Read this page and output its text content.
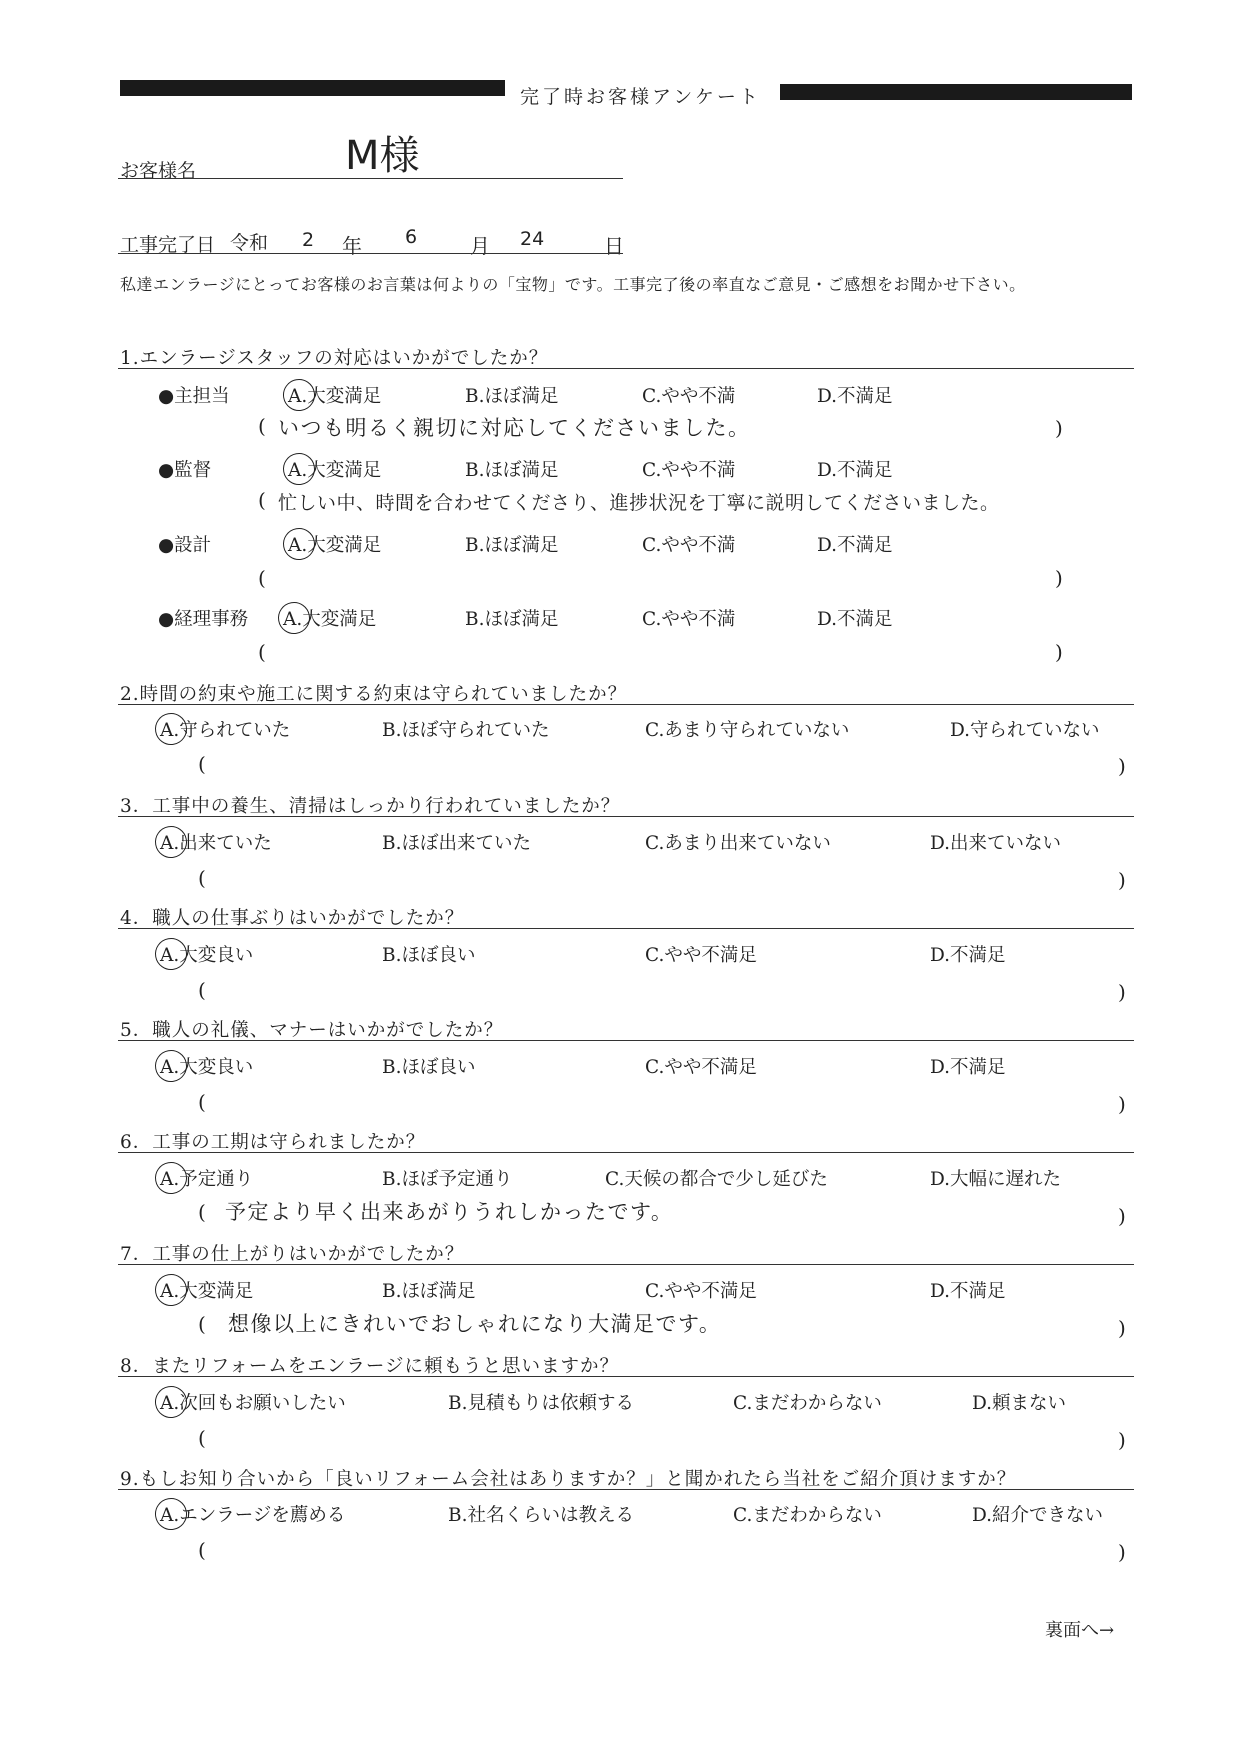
完了時お客様アンケート
お客様名	M様
工事完了日 令和 2 年 6	月 24	日
私達エンラージにとってお客様のお言葉は何よりの「宝物」です。工事完了後の率直なご意見・ご感想をお聞かせ下さい。
1.エンラージスタッフの対応はいかがでしたか？
●主担当	A.大変満足	B.ほぼ満足	C.やや不満	D.不満足
( いつも明るく親切に対応してくださいました。	)
●監督	A.大変満足	B.ほぼ満足	C.やや不満	D.不満足
( 忙しい中、時間を合わせてくださり、進捗状況を丁寧に説明してくださいました。
●設計	A.大変満足	B.ほぼ満足	C.やや不満	D.不満足
(	)
●経理事務 A.大変満足	B.ほぼ満足	C.やや不満	D.不満足
(	)
2.時間の約束や施工に関する約束は守られていましたか？
A.守られていた	B.ほぼ守られていた	C.あまり守られていない	D.守られていない
(	)
3．工事中の養生、清掃はしっかり行われていましたか？
A.出来ていた	B.ほぼ出来ていた	C.あまり出来ていない	D.出来ていない
(	)
4．職人の仕事ぶりはいかがでしたか？
A.大変良い	B.ほぼ良い	C.やや不満足	D.不満足
(	)
5．職人の礼儀、マナーはいかがでしたか？
A.大変良い	B.ほぼ良い	C.やや不満足	D.不満足
(	)
6．工事の工期は守られましたか？
A.予定通り	B.ほぼ予定通り	C.天候の都合で少し延びた	D.大幅に遅れた
( 予定より早く出来あがりうれしかったです。	)
7．工事の仕上がりはいかがでしたか？
A.大変満足	B.ほぼ満足	C.やや不満足	D.不満足
( 想像以上にきれいでおしゃれになり大満足です。	)
8．またリフォームをエンラージに頼もうと思いますか？
A.次回もお願いしたい	B.見積もりは依頼する	C.まだわからない	D.頼まない
(	)
9.もしお知り合いから「良いリフォーム会社はありますか？」と聞かれたら当社をご紹介頂けますか？
A.エンラージを薦める	B.社名くらいは教える	C.まだわからない	D.紹介できない
(	)
裏面へ→
